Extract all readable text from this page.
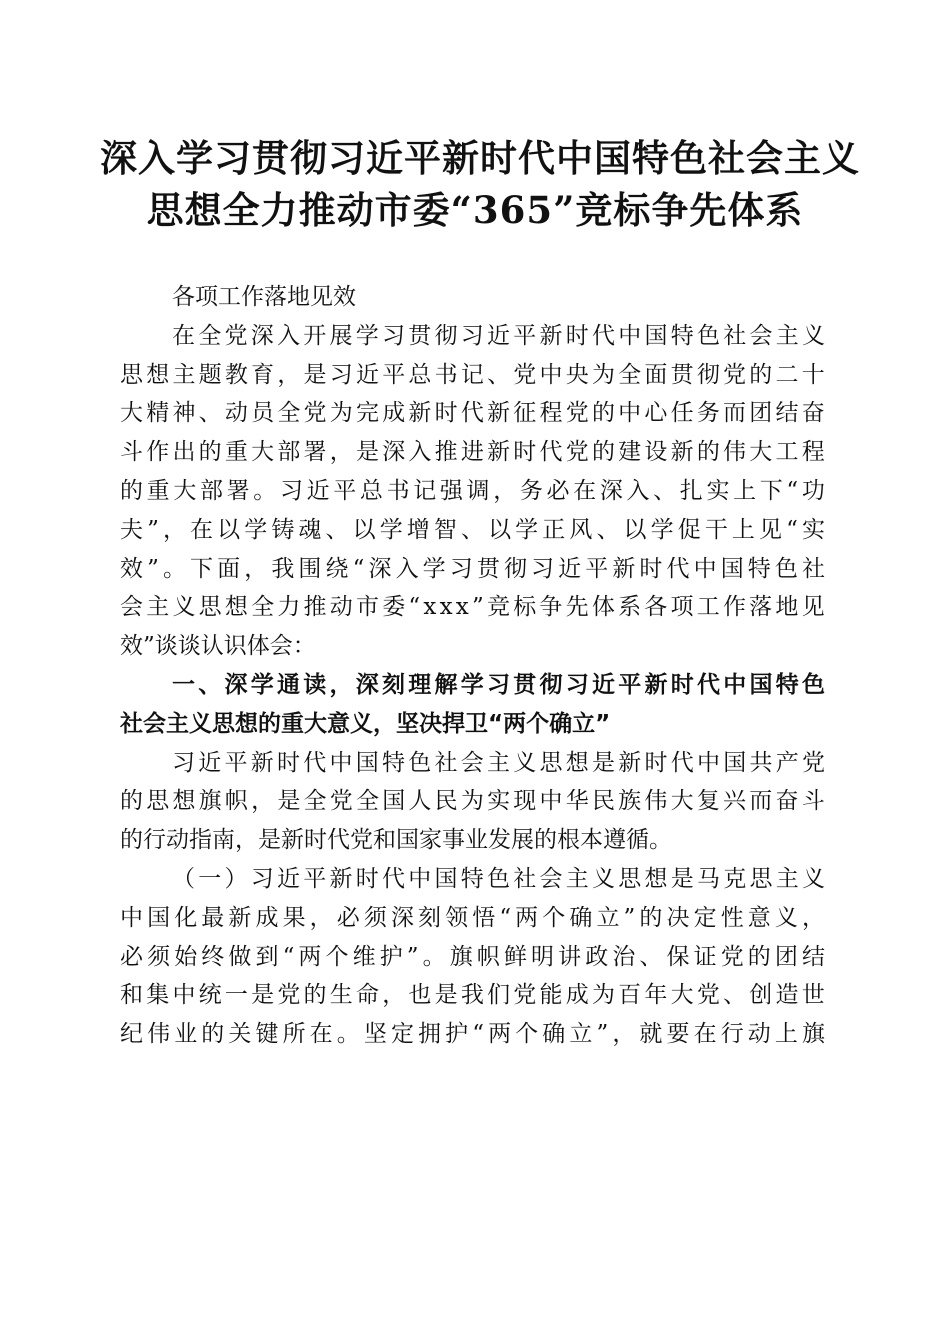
深入学习贯彻习近平新时代中国特色社会主义
思想全力推动市委“365”竞标争先体系

各项工作落地见效

在 全 党 深 入 开 展 学 习 贯 彻 习 近 平 新 时 代 中 国 特 色 社 会 主 义
思 想 主 题 教 育 ， 是 习 近 平 总 书 记 、 党 中 央 为 全 面 贯 彻 党 的 二 十
大 精 神 、 动 员 全 党 为 完 成 新 时 代 新 征 程 党 的 中 心 任 务 而 团 结 奋
斗 作 出 的 重 大 部 署 ， 是 深 入 推 进 新 时 代 党 的 建 设 新 的 伟 大 工 程
的 重 大 部 署 。 习 近 平 总 书 记 强 调 ， 务 必 在 深 入 、 扎 实 上 下 “ 功
夫 ” ， 在 以 学 铸 魂 、 以 学 增 智 、 以 学 正 风 、 以 学 促 干 上 见 “ 实
效 ” 。 下 面 ， 我 围 绕 “ 深 入 学 习 贯 彻 习 近 平 新 时 代 中 国 特 色 社
会 主 义 思 想 全 力 推 动 市 委 “ x x x ” 竞 标 争 先 体 系 各 项 工 作 落 地 见
效”谈谈认识体会：

一 、 深 学 通 读 ， 深 刻 理 解 学 习 贯 彻 习 近 平 新 时 代 中 国 特 色
社会主义思想的重大意义，坚决捍卫“两个确立”

习 近 平 新 时 代 中 国 特 色 社 会 主 义 思 想 是 新 时 代 中 国 共 产 党
的 思 想 旗 帜 ， 是 全 党 全 国 人 民 为 实 现 中 华 民 族 伟 大 复 兴 而 奋 斗
的行动指南，是新时代党和国家事业发展的根本遵循。

（ 一 ） 习 近 平 新 时 代 中 国 特 色 社 会 主 义 思 想 是 马 克 思 主 义
中 国 化 最 新 成 果 ， 必 须 深 刻 领 悟 “ 两 个 确 立 ” 的 决 定 性 意 义 ，
必 须 始 终 做 到 “ 两 个 维 护 ” 。 旗 帜 鲜 明 讲 政 治 、 保 证 党 的 团 结
和 集 中 统 一 是 党 的 生 命 ， 也 是 我 们 党 能 成 为 百 年 大 党 、 创 造 世
纪 伟 业 的 关 键 所 在 。 坚 定 拥 护 “ 两 个 确 立 ” ， 就 要 在 行 动 上 旗
